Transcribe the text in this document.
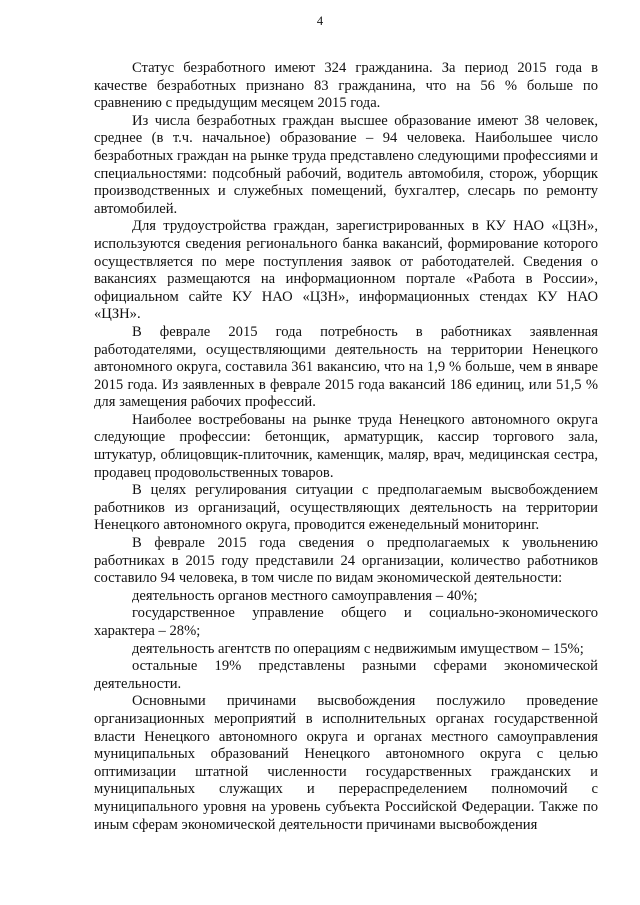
4

Статус безработного имеют 324 гражданина. За период 2015 года в качестве безработных признано 83 гражданина, что на 56 % больше по сравнению с предыдущим месяцем 2015 года.

Из числа безработных граждан высшее образование имеют 38 человек, среднее (в т.ч. начальное) образование – 94 человека. Наибольшее число безработных граждан на рынке труда представлено следующими профессиями и специальностями: подсобный рабочий, водитель автомобиля, сторож, уборщик производственных и служебных помещений, бухгалтер, слесарь по ремонту автомобилей.

Для трудоустройства граждан, зарегистрированных в КУ НАО «ЦЗН», используются сведения регионального банка вакансий, формирование которого осуществляется по мере поступления заявок от работодателей. Сведения о вакансиях размещаются на информационном портале «Работа в России», официальном сайте КУ НАО «ЦЗН», информационных стендах КУ НАО «ЦЗН».

В феврале 2015 года потребность в работниках заявленная работодателями, осуществляющими деятельность на территории Ненецкого автономного округа, составила 361 вакансию, что на 1,9 % больше, чем в январе 2015 года. Из заявленных в феврале 2015 года вакансий 186 единиц, или 51,5 % для замещения рабочих профессий.

Наиболее востребованы на рынке труда Ненецкого автономного округа следующие профессии: бетонщик, арматурщик, кассир торгового зала, штукатур, облицовщик-плиточник, каменщик, маляр, врач, медицинская сестра, продавец продовольственных товаров.

В целях регулирования ситуации с предполагаемым высвобождением работников из организаций, осуществляющих деятельность на территории Ненецкого автономного округа, проводится еженедельный мониторинг.

В феврале 2015 года сведения о предполагаемых к увольнению работниках в 2015 году представили 24 организации, количество работников составило 94 человека, в том числе по видам экономической деятельности:

деятельность органов местного самоуправления – 40%;

государственное управление общего и социально-экономического характера – 28%;

деятельность агентств по операциям с недвижимым имуществом – 15%;

остальные 19% представлены разными сферами экономической деятельности.

Основными причинами высвобождения послужило проведение организационных мероприятий в исполнительных органах государственной власти Ненецкого автономного округа и органах местного самоуправления муниципальных образований Ненецкого автономного округа с целью оптимизации штатной численности государственных гражданских и муниципальных служащих и перераспределением полномочий с муниципального уровня на уровень субъекта Российской Федерации. Также по иным сферам экономической деятельности причинами высвобождения
